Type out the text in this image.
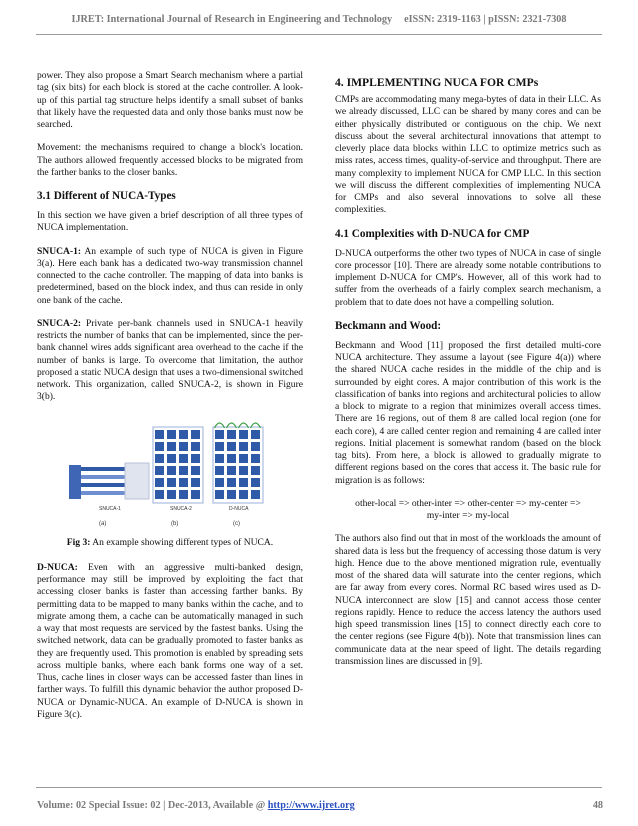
IJRET: International Journal of Research in Engineering and Technology eISSN: 2319-1163 | pISSN: 2321-7308

power. They also propose a Smart Search mechanism where a partial tag (six bits) for each block is stored at the cache controller. A look-up of this partial tag structure helps identify a small subset of banks that likely have the requested data and only those banks must now be searched.

Movement: the mechanisms required to change a block's location. The authors allowed frequently accessed blocks to be migrated from the farther banks to the closer banks.

3.1 Different of NUCA-Types

In this section we have given a brief description of all three types of NUCA implementation.

SNUCA-1: An example of such type of NUCA is given in Figure 3(a). Here each bank has a dedicated two-way transmission channel connected to the cache controller. The mapping of data into banks is predetermined, based on the block index, and thus can reside in only one bank of the cache.

SNUCA-2: Private per-bank channels used in SNUCA-1 heavily restricts the number of banks that can be implemented, since the per-bank channel wires adds significant area overhead to the cache if the number of banks is large. To overcome that limitation, the author proposed a static NUCA design that uses a two-dimensional switched network. This organization, called SNUCA-2, is shown in Figure 3(b).

SNUCA-1
(a)
SNUCA-2
(b)
D-NUCA
(c)

Fig 3: An example showing different types of NUCA.

D-NUCA: Even with an aggressive multi-banked design, performance may still be improved by exploiting the fact that accessing closer banks is faster than accessing farther banks. By permitting data to be mapped to many banks within the cache, and to migrate among them, a cache can be automatically managed in such a way that most requests are serviced by the fastest banks. Using the switched network, data can be gradually promoted to faster banks as they are frequently used. This promotion is enabled by spreading sets across multiple banks, where each bank forms one way of a set. Thus, cache lines in closer ways can be accessed faster than lines in farther ways. To fulfill this dynamic behavior the author proposed D-NUCA or Dynamic-NUCA. An example of D-NUCA is shown in Figure 3(c).

4. IMPLEMENTING NUCA FOR CMPs

CMPs are accommodating many mega-bytes of data in their LLC. As we already discussed, LLC can be shared by many cores and can be either physically distributed or contiguous on the chip. We next discuss about the several architectural innovations that attempt to cleverly place data blocks within LLC to optimize metrics such as miss rates, access times, quality-of-service and throughput. There are many complexity to implement NUCA for CMP LLC. In this section we will discuss the different complexities of implementing NUCA for CMPs and also several innovations to solve all these complexities.

4.1 Complexities with D-NUCA for CMP

D-NUCA outperforms the other two types of NUCA in case of single core processor [10]. There are already some notable contributions to implement D-NUCA for CMP's. However, all of this work had to suffer from the overheads of a fairly complex search mechanism, a problem that to date does not have a compelling solution.

Beckmann and Wood:

Beckmann and Wood [11] proposed the first detailed multi-core NUCA architecture. They assume a layout (see Figure 4(a)) where the shared NUCA cache resides in the middle of the chip and is surrounded by eight cores. A major contribution of this work is the classification of banks into regions and architectural policies to allow a block to migrate to a region that minimizes overall access times. There are 16 regions, out of them 8 are called local region (one for each core), 4 are called center region and remaining 4 are called inter regions. Initial placement is somewhat random (based on the block tag bits). From here, a block is allowed to gradually migrate to different regions based on the cores that access it. The basic rule for migration is as follows:

other-local => other-inter => other-center => my-center =>
my-inter => my-local

The authors also find out that in most of the workloads the amount of shared data is less but the frequency of accessing those datum is very high. Hence due to the above mentioned migration rule, eventually most of the shared data will saturate into the center regions, which are far away from every cores. Normal RC based wires used as D-NUCA interconnect are slow [15] and cannot access those center regions rapidly. Hence to reduce the access latency the authors used high speed transmission lines [15] to connect directly each core to the center regions (see Figure 4(b)). Note that transmission lines can communicate data at the near speed of light. The details regarding transmission lines are discussed in [9].

Volume: 02 Special Issue: 02 | Dec-2013, Available @ http://www.ijret.org	48
